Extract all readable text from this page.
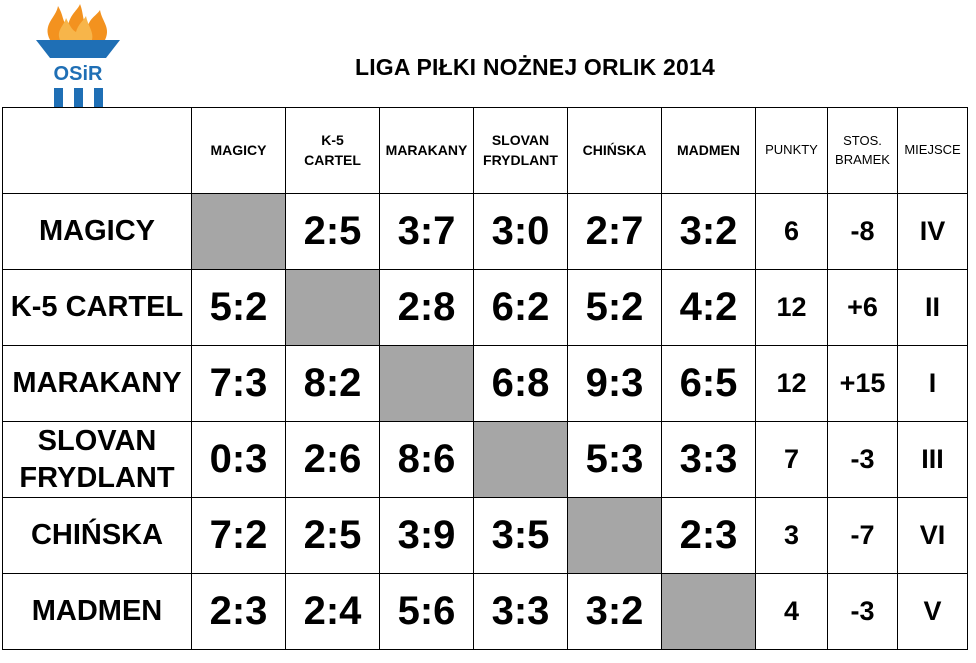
OSiR	LIGA PIŁKI NOŻNEJ ORLIK 2014
	MAGICY	K-5
CARTEL	MARAKANY	SLOVAN
FRYDLANT	CHIŃSKA	MADMEN	PUNKTY	STOS.
BRAMEK	MIEJSCE
MAGICY		2:5	3:7	3:0	2:7	3:2	6	-8	IV
K-5 CARTEL	5:2		2:8	6:2	5:2	4:2	12	+6	II
MARAKANY	7:3	8:2		6:8	9:3	6:5	12	+15	I
SLOVAN
FRYDLANT	0:3	2:6	8:6		5:3	3:3	7	-3	III
CHIŃSKA	7:2	2:5	3:9	3:5		2:3	3	-7	VI
MADMEN	2:3	2:4	5:6	3:3	3:2		4	-3	V
